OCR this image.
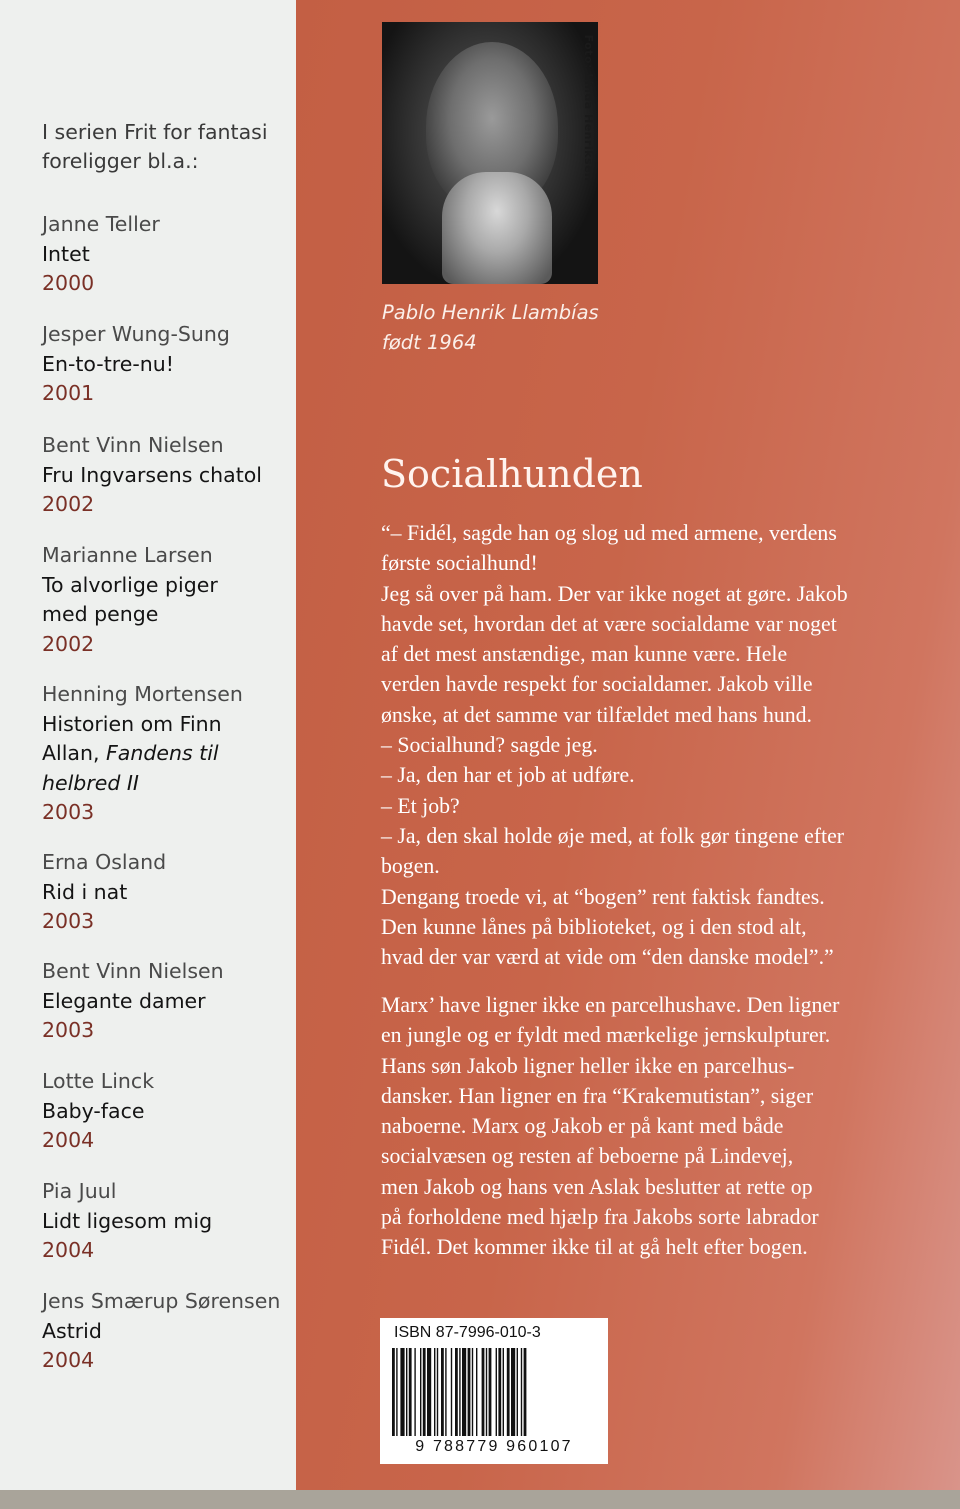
I serien Frit for fantasi
foreligger bl.a.:
Janne Teller
Intet
2000
Jesper Wung-Sung
En-to-tre-nu!
2001
Bent Vinn Nielsen
Fru Ingvarsens chatol
2002
Marianne Larsen
To alvorlige piger
med penge
2002
Henning Mortensen
Historien om Finn
Allan, Fandens til
helbred II
2003
Erna Osland
Rid i nat
2003
Bent Vinn Nielsen
Elegante damer
2003
Lotte Linck
Baby-face
2004
Pia Juul
Lidt ligesom mig
2004
Jens Smærup Sørensen
Astrid
2004
Foto: Linda Henriksen
Pablo Henrik Llambías
født 1964
Socialhunden
“– Fidél, sagde han og slog ud med armene, verdens
første socialhund!
Jeg så over på ham. Der var ikke noget at gøre. Jakob
havde set, hvordan det at være socialdame var noget
af det mest anstændige, man kunne være. Hele
verden havde respekt for socialdamer. Jakob ville
ønske, at det samme var tilfældet med hans hund.
– Socialhund? sagde jeg.
– Ja, den har et job at udføre.
– Et job?
– Ja, den skal holde øje med, at folk gør tingene efter
bogen.
Dengang troede vi, at “bogen” rent faktisk fandtes.
Den kunne lånes på biblioteket, og i den stod alt,
hvad der var værd at vide om “den danske model”.”
Marx’ have ligner ikke en parcelhushave. Den ligner
en jungle og er fyldt med mærkelige jernskulpturer.
Hans søn Jakob ligner heller ikke en parcelhus-
dansker. Han ligner en fra “Krakemutistan”, siger
naboerne. Marx og Jakob er på kant med både
socialvæsen og resten af beboerne på Lindevej,
men Jakob og hans ven Aslak beslutter at rette op
på forholdene med hjælp fra Jakobs sorte labrador
Fidél. Det kommer ikke til at gå helt efter bogen.
ISBN 87-7996-010-3
9 788779 960107
